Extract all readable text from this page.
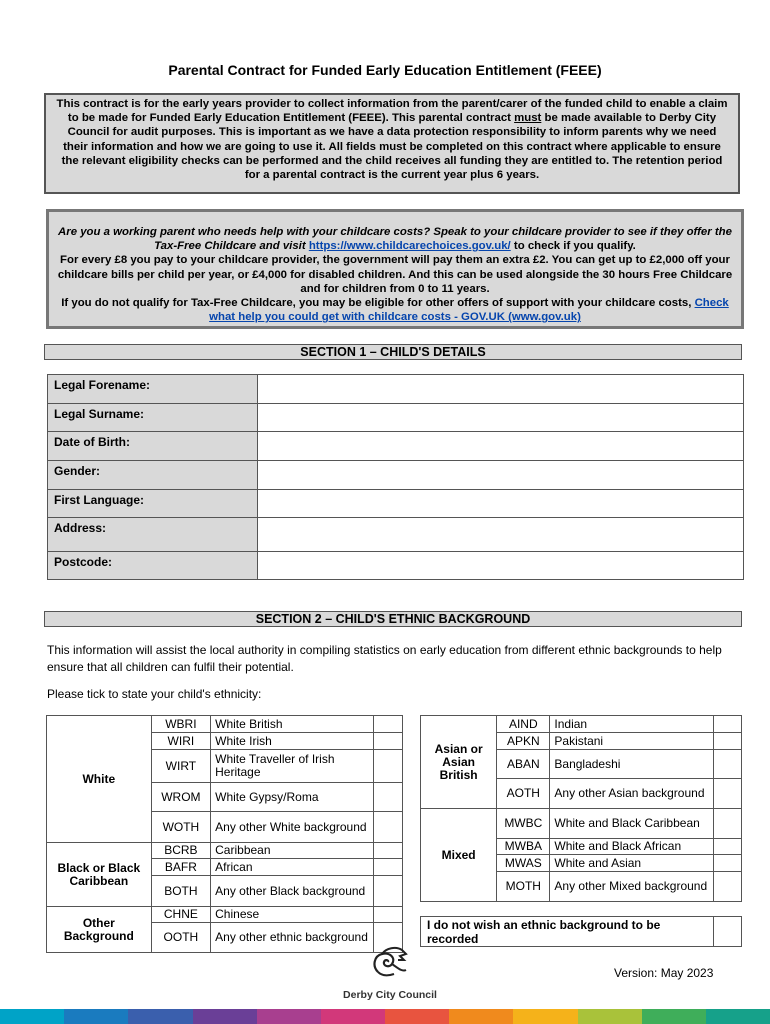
Parental Contract for Funded Early Education Entitlement (FEEE)
This contract is for the early years provider to collect information from the parent/carer of the funded child to enable a claim to be made for Funded Early Education Entitlement (FEEE). This parental contract must be made available to Derby City Council for audit purposes. This is important as we have a data protection responsibility to inform parents why we need their information and how we are going to use it. All fields must be completed on this contract where applicable to ensure the relevant eligibility checks can be performed and the child receives all funding they are entitled to. The retention period for a parental contract is the current year plus 6 years.
Are you a working parent who needs help with your childcare costs? Speak to your childcare provider to see if they offer the Tax-Free Childcare and visit https://www.childcarechoices.gov.uk/ to check if you qualify.
For every £8 you pay to your childcare provider, the government will pay them an extra £2. You can get up to £2,000 off your childcare bills per child per year, or £4,000 for disabled children. And this can be used alongside the 30 hours Free Childcare and for children from 0 to 11 years.
If you do not qualify for Tax-Free Childcare, you may be eligible for other offers of support with your childcare costs, Check what help you could get with childcare costs - GOV.UK (www.gov.uk)
SECTION 1 – CHILD'S DETAILS
Legal Forename:	
Legal Surname:	
Date of Birth:	
Gender:	
First Language:	
Address:	
Postcode:	
SECTION 2 – CHILD'S ETHNIC BACKGROUND
This information will assist the local authority in compiling statistics on early education from different ethnic backgrounds to help ensure that all children can fulfil their potential.
Please tick to state your child's ethnicity:
White	WBRI	White British	
	WIRI	White Irish	
	WIRT	White Traveller of Irish Heritage	
	WROM	White Gypsy/Roma	
	WOTH	Any other White background	
Black or Black Caribbean	BCRB	Caribbean	
	BAFR	African	
	BOTH	Any other Black background	
Other Background	CHNE	Chinese	
	OOTH	Any other ethnic background	
Asian or Asian British	AIND	Indian	
	APKN	Pakistani	
	ABAN	Bangladeshi	
	AOTH	Any other Asian background	
Mixed	MWBC	White and Black Caribbean	
	MWBA	White and Black African	
	MWAS	White and Asian	
	MOTH	Any other Mixed background	
I do not wish an ethnic background to be recorded	
Derby City Council
Version: May 2023
